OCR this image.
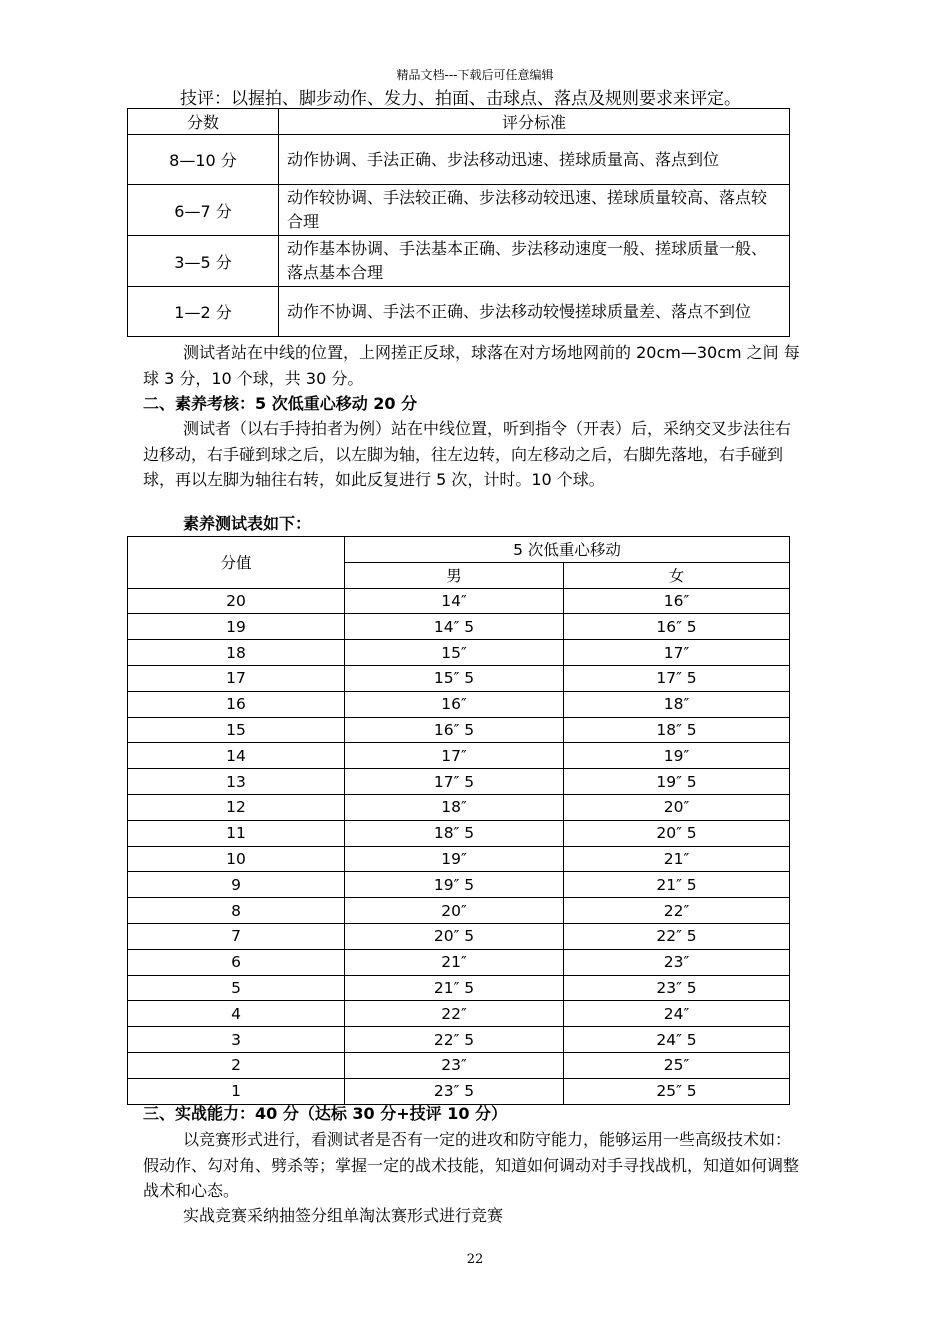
精品文档---下载后可任意编辑
技评：以握拍、脚步动作、发力、拍面、击球点、落点及规则要求来评定。
分数	评分标准
8—10 分	动作协调、手法正确、步法移动迅速、搓球质量高、落点到位
6—7 分	动作较协调、手法较正确、步法移动较迅速、搓球质量较高、落点较合理
3—5 分	动作基本协调、手法基本正确、步法移动速度一般、搓球质量一般、落点基本合理
1—2 分	动作不协调、手法不正确、步法移动较慢搓球质量差、落点不到位
测试者站在中线的位置，上网搓正反球，球落在对方场地网前的 20cm—30cm 之间 每球 3 分，10 个球，共 30 分。
二、素养考核：5 次低重心移动 20 分
测试者（以右手持拍者为例）站在中线位置，听到指令（开表）后，采纳交叉步法往右边移动，右手碰到球之后，以左脚为轴，往左边转，向左移动之后，右脚先落地，右手碰到球，再以左脚为轴往右转，如此反复进行 5 次，计时。10 个球。
素养测试表如下：
分值	5 次低重心移动	
	男	女
20	14″	16″
19	14″ 5	16″ 5
18	15″	17″
17	15″ 5	17″ 5
16	16″	18″
15	16″ 5	18″ 5
14	17″	19″
13	17″ 5	19″ 5
12	18″	20″
11	18″ 5	20″ 5
10	19″	21″
9	19″ 5	21″ 5
8	20″	22″
7	20″ 5	22″ 5
6	21″	23″
5	21″ 5	23″ 5
4	22″	24″
3	22″ 5	24″ 5
2	23″	25″
1	23″ 5	25″ 5
三、实战能力：40 分（达标 30 分+技评 10 分）
以竞赛形式进行，看测试者是否有一定的进攻和防守能力，能够运用一些高级技术如：假动作、勾对角、劈杀等；掌握一定的战术技能，知道如何调动对手寻找战机，知道如何调整战术和心态。
实战竞赛采纳抽签分组单淘汰赛形式进行竞赛
22
